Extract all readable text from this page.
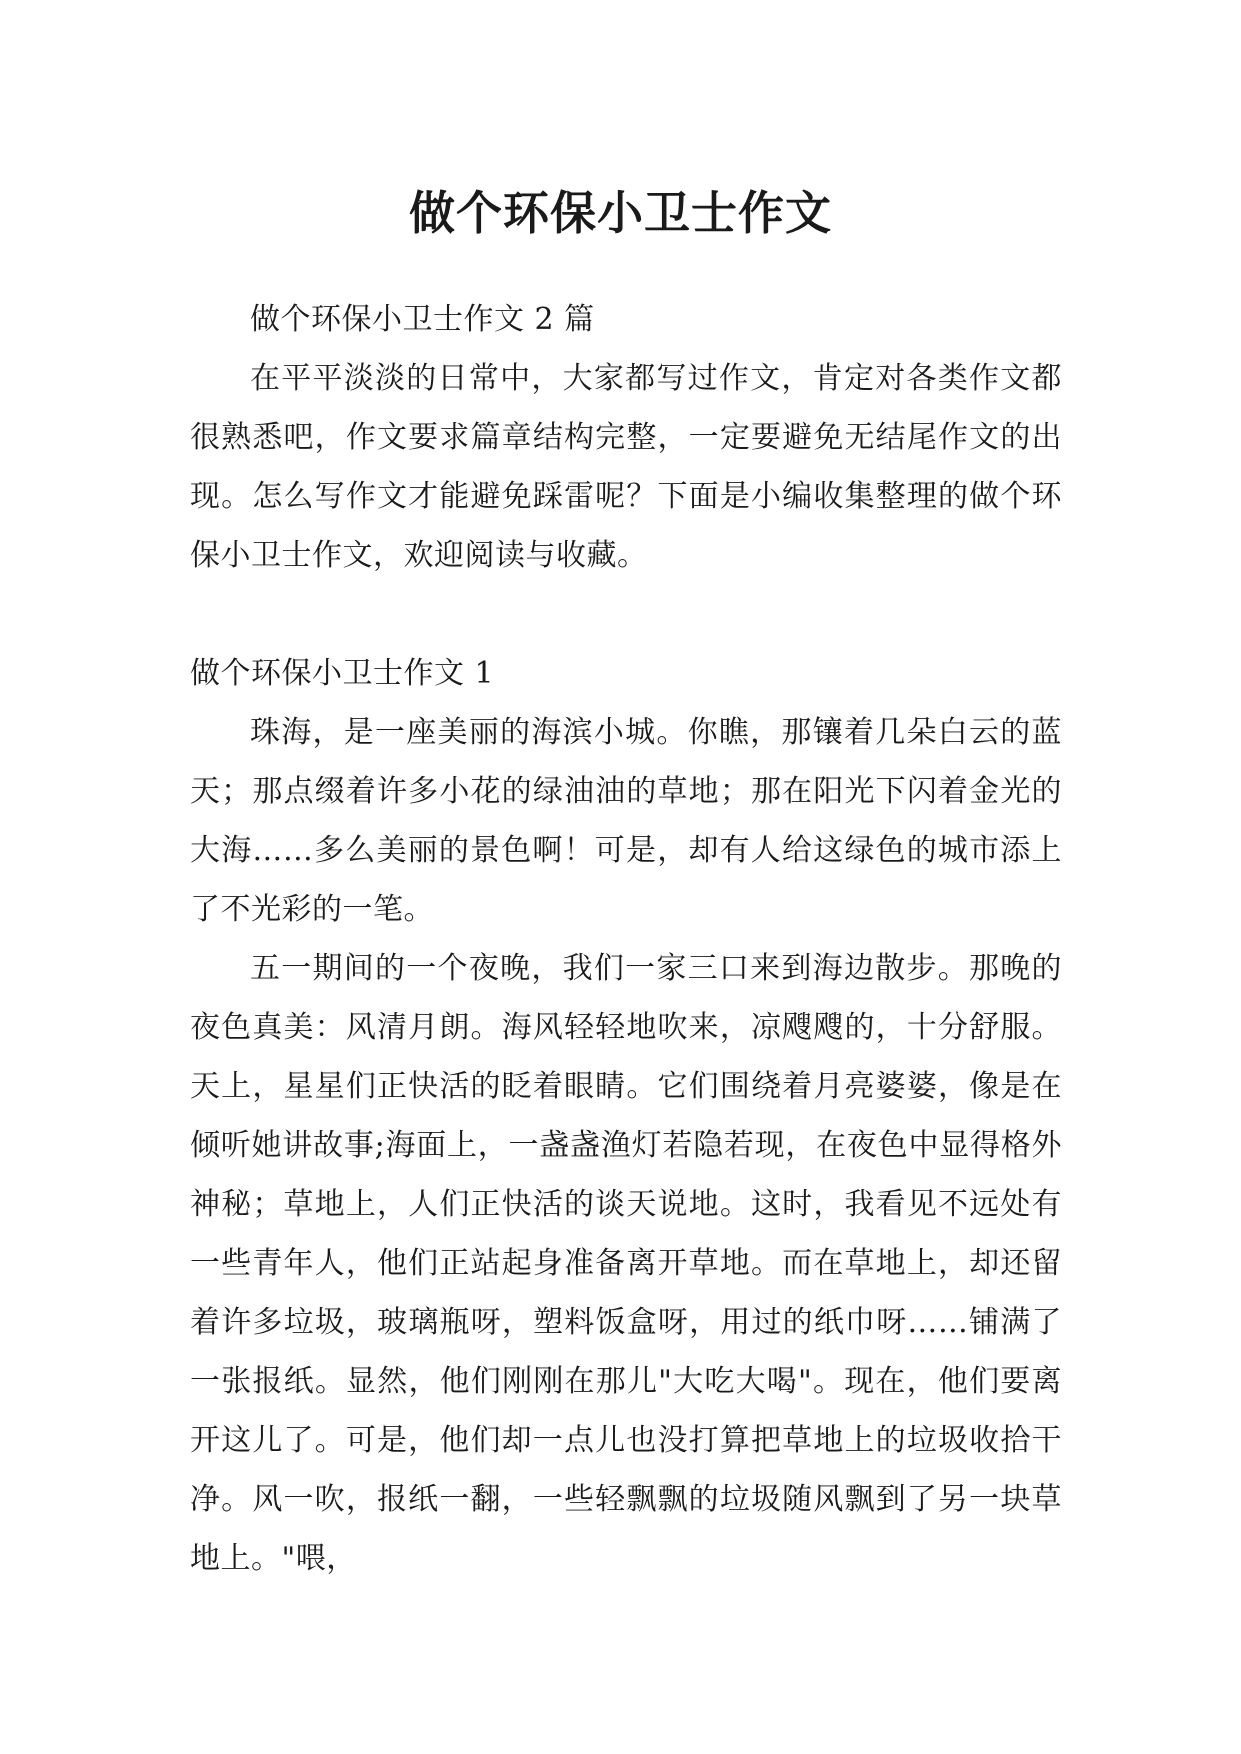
做个环保小卫士作文

做个环保小卫士作文 2 篇

在平平淡淡的日常中，大家都写过作文，肯定对各类作文都很熟悉吧，作文要求篇章结构完整，一定要避免无结尾作文的出现。怎么写作文才能避免踩雷呢？下面是小编收集整理的做个环保小卫士作文，欢迎阅读与收藏。

做个环保小卫士作文 1

珠海，是一座美丽的海滨小城。你瞧，那镶着几朵白云的蓝天；那点缀着许多小花的绿油油的草地；那在阳光下闪着金光的大海……多么美丽的景色啊！可是，却有人给这绿色的城市添上了不光彩的一笔。

五一期间的一个夜晚，我们一家三口来到海边散步。那晚的夜色真美：风清月朗。海风轻轻地吹来，凉飕飕的，十分舒服。天上，星星们正快活的眨着眼睛。它们围绕着月亮婆婆，像是在倾听她讲故事;海面上，一盏盏渔灯若隐若现，在夜色中显得格外神秘；草地上，人们正快活的谈天说地。这时，我看见不远处有一些青年人，他们正站起身准备离开草地。而在草地上，却还留着许多垃圾，玻璃瓶呀，塑料饭盒呀，用过的纸巾呀……铺满了一张报纸。显然，他们刚刚在那儿"大吃大喝"。现在，他们要离开这儿了。可是，他们却一点儿也没打算把草地上的垃圾收拾干净。风一吹，报纸一翻，一些轻飘飘的垃圾随风飘到了另一块草地上。"喂，
